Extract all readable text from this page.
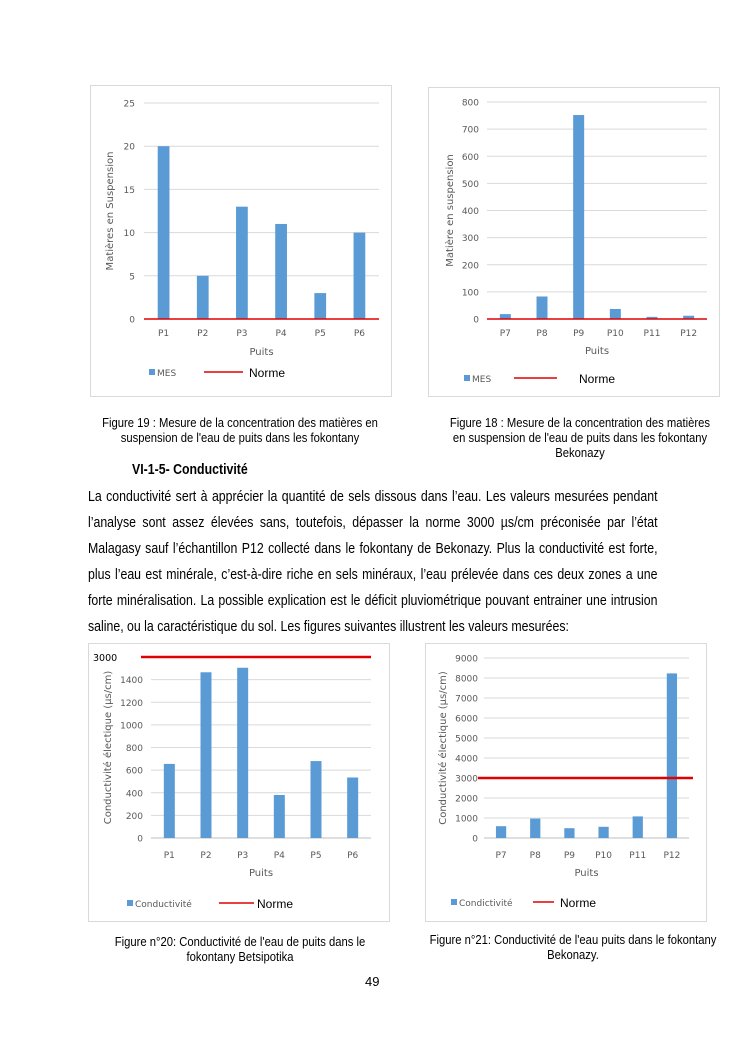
0
5
10
15
20
25
P1	P2	P3	P4	P5	P6
Puits
Matières en Suspension
MES	Norme
0
100
200
300
400
500
600
700
800
P7	P8	P9	P10 P11 P12
Puits
Matière en suspension
MES	Norme
Figure 19 : Mesure de la concentration des matières en
suspension de l'eau de puits dans les fokontany
Figure 18 : Mesure de la concentration des matières
en suspension de l'eau de puits dans les fokontany
Bekonazy
VI-1-5- Conductivité
La conductivité sert à apprécier la quantité de sels dissous dans l’eau. Les valeurs mesurées pendant
l’analyse sont assez élevées sans, toutefois, dépasser la norme 3000 µs/cm préconisée par l’état
Malagasy sauf l’échantillon P12 collecté dans le fokontany de Bekonazy. Plus la conductivité est forte,
plus l’eau est minérale, c’est-à-dire riche en sels minéraux, l’eau prélevée dans ces deux zones a une
forte minéralisation. La possible explication est le déficit pluviométrique pouvant entrainer une intrusion
saline, ou la caractéristique du sol. Les figures suivantes illustrent les valeurs mesurées:
0
200
400
600
800
1000
1200
1400
P1	P2	P3	P4	P5	P6
3000
Puits
Conductivité électique (µs/cm)
Conductivité	Norme
0
1000
2000
3000
4000
5000
6000
7000
8000
9000
P7	P8	P9 P10 P11 P12
Puits
Conductivité électique (µs/cm)
Condictivité	Norme
Figure n°20: Conductivité de l'eau de puits dans le
fokontany Betsipotika
Figure n°21: Conductivité de l'eau puits dans le fokontany
Bekonazy.
49
